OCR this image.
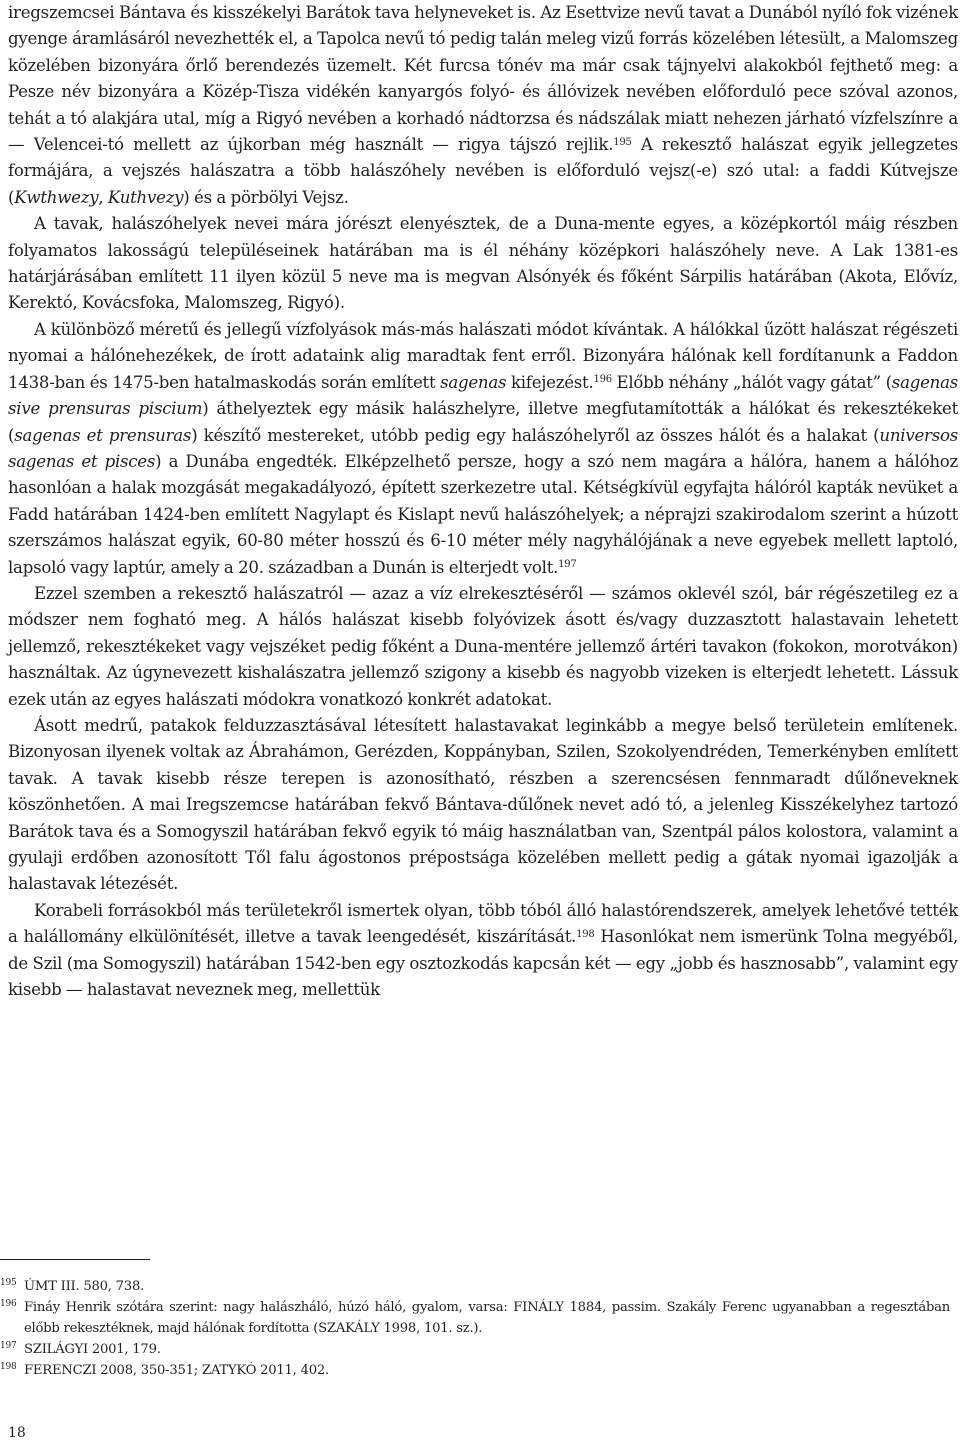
iregszemcsei Bántava és kisszékelyi Barátok tava helyneveket is. Az Esettvize nevű tavat a Dunából nyíló fok vizének gyenge áramlásáról nevezhették el, a Tapolca nevű tó pedig talán meleg vizű forrás közelében létesült, a Malomszeg közelében bizonyára őrlő berendezés üzemelt. Két furcsa tónév ma már csak tájnyelvi alakokból fejthető meg: a Pesze név bizonyára a Közép-Tisza vidékén kanyargós folyó- és állóvizek nevében előforduló pece szóval azonos, tehát a tó alakjára utal, míg a Rigyó nevében a korhadó nádtorzsa és nádszálak miatt nehezen járható vízfelszínre a — Velencei-tó mellett az újkorban még használt — rigya tájszó rejlik.$^{195}$ A rekesztő halászat egyik jellegzetes formájára, a vejszés halászatra a több halászóhely nevében is előforduló vejsz(-e) szó utal: a faddi Kútvejsze (Kwthwezy, Kuthvezy) és a pörbölyi Vejsz.

A tavak, halászóhelyek nevei mára jórészt elenyésztek, de a Duna-mente egyes, a középkortól máig részben folyamatos lakosságú településeinek határában ma is él néhány középkori halászóhely neve. A Lak 1381-es határjárásában említett 11 ilyen közül 5 neve ma is megvan Alsónyék és főként Sárpilis határában (Akota, Elővíz, Kerektó, Kovácsfoka, Malomszeg, Rigyó).

A különböző méretű és jellegű vízfolyások más-más halászati módot kívántak. A hálókkal űzött halászat régészeti nyomai a hálónehezékek, de írott adataink alig maradtak fent erről. Bizonyára hálónak kell fordítanunk a Faddon 1438-ban és 1475-ben hatalmaskodás során említett sagenas kifejezést.$^{196}$ Előbb néhány „hálót vagy gátat” (sagenas sive prensuras piscium) áthelyeztek egy másik halászhelyre, illetve megfutamították a hálókat és rekesztékeket (sagenas et prensuras) készítő mestereket, utóbb pedig egy halászóhelyről az összes hálót és a halakat (universos sagenas et pisces) a Dunába engedték. Elképzelhető persze, hogy a szó nem magára a hálóra, hanem a hálóhoz hasonlóan a halak mozgását megakadályozó, épített szerkezetre utal. Kétségkívül egyfajta hálóról kapták nevüket a Fadd határában 1424-ben említett Nagylapt és Kislapt nevű halászóhelyek; a néprajzi szakirodalom szerint a húzott szerszámos halászat egyik, 60-80 méter hosszú és 6-10 méter mély nagyhálójának a neve egyebek mellett laptoló, lapsoló vagy laptúr, amely a 20. században a Dunán is elterjedt volt.$^{197}$

Ezzel szemben a rekesztő halászatról — azaz a víz elrekesztéséről — számos oklevél szól, bár régészetileg ez a módszer nem fogható meg. A hálós halászat kisebb folyóvizek ásott és/vagy duzzasztott halastavain lehetett jellemző, rekesztékeket vagy vejszéket pedig főként a Duna-mentére jellemző ártéri tavakon (fokokon, morotvákon) használtak. Az úgynevezett kishalászatra jellemző szigony a kisebb és nagyobb vizeken is elterjedt lehetett. Lássuk ezek után az egyes halászati módokra vonatkozó konkrét adatokat.

Ásott medrű, patakok felduzzasztásával létesített halastavakat leginkább a megye belső területein említenek. Bizonyosan ilyenek voltak az Ábrahámon, Gerézden, Koppányban, Szilen, Szokolyendréden, Temerkényben említett tavak. A tavak kisebb része terepen is azonosítható, részben a szerencsésen fennmaradt dűlőneveknek köszönhetően. A mai Iregszemcse határában fekvő Bántava-dűlőnek nevet adó tó, a jelenleg Kisszékelyhez tartozó Barátok tava és a Somogyszil határában fekvő egyik tó máig használatban van, Szentpál pálos kolostora, valamint a gyulaji erdőben azonosított Től falu ágostonos prépostsága közelében mellett pedig a gátak nyomai igazolják a halastavak létezését.

Korabeli forrásokból más területekről ismertek olyan, több tóból álló halastórendszerek, amelyek lehetővé tették a halállomány elkülönítését, illetve a tavak leengedését, kiszárítását.$^{198}$ Hasonlókat nem ismerünk Tolna megyéből, de Szil (ma Somogyszil) határában 1542-ben egy osztozkodás kapcsán két — egy „jobb és hasznosabb”, valamint egy kisebb — halastavat neveznek meg, mellettük

195 ÚMT III. 580, 738.
196 Fináy Henrik szótára szerint: nagy halászháló, húzó háló, gyalom, varsa: FINÁLY 1884, passim. Szakály Ferenc ugyanabban a regesztában előbb rekesztéknek, majd hálónak fordította (SZAKÁLY 1998, 101. sz.).
197 SZILÁGYI 2001, 179.
198 FERENCZI 2008, 350-351; ZATYKÓ 2011, 402.
18
